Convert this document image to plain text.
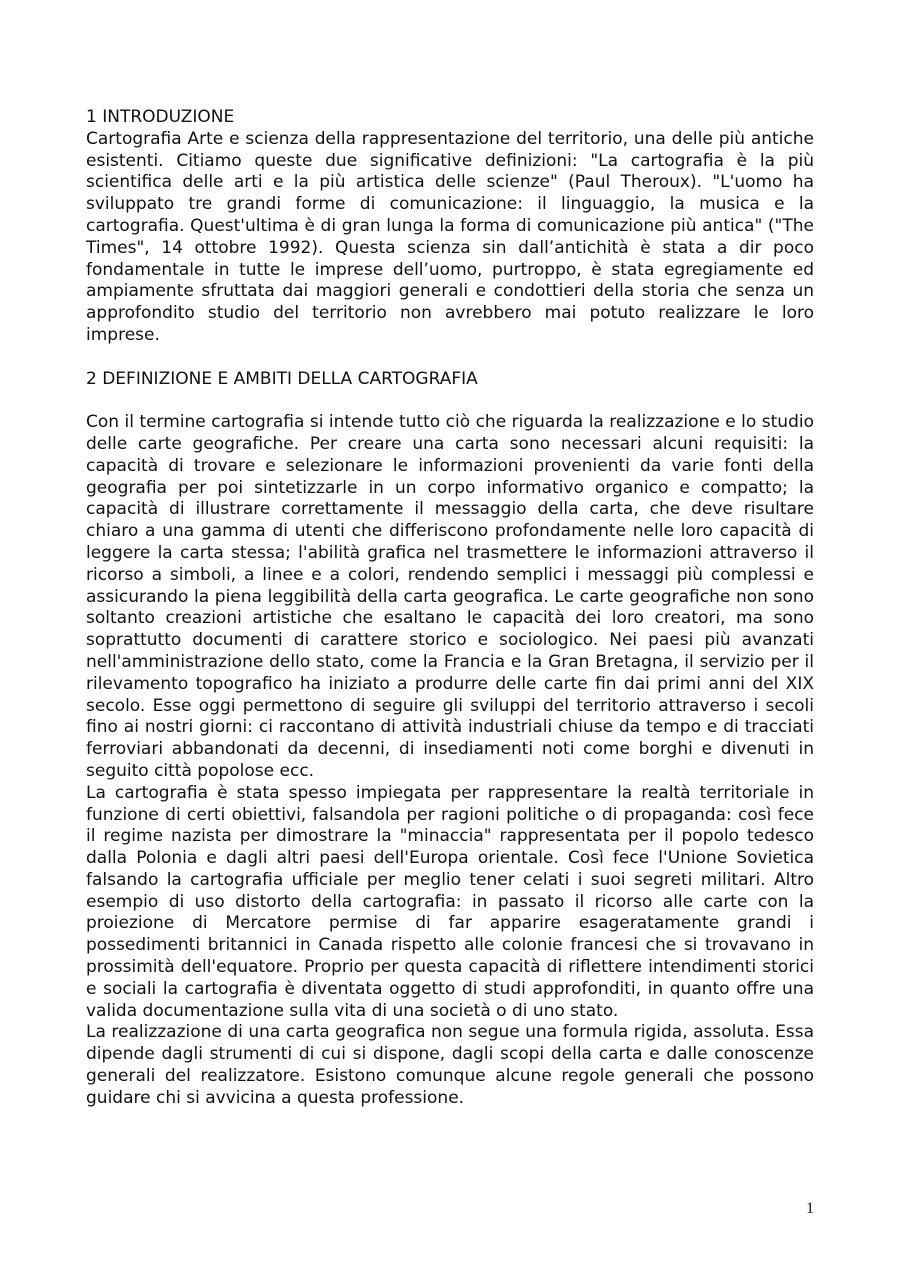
1 INTRODUZIONE

Cartografia Arte e scienza della rappresentazione del territorio, una delle più antiche esistenti. Citiamo queste due significative definizioni: "La cartografia è la più scientifica delle arti e la più artistica delle scienze" (Paul Theroux). "L'uomo ha sviluppato tre grandi forme di comunicazione: il linguaggio, la musica e la cartografia. Quest'ultima è di gran lunga la forma di comunicazione più antica" ("The Times", 14 ottobre 1992). Questa scienza sin dall’antichità è stata a dir poco fondamentale in tutte le imprese dell’uomo, purtroppo, è stata egregiamente ed ampiamente sfruttata dai maggiori generali e condottieri della storia che senza un approfondito studio del territorio non avrebbero mai potuto realizzare le loro imprese.

2 DEFINIZIONE E AMBITI DELLA CARTOGRAFIA

Con il termine cartografia si intende tutto ciò che riguarda la realizzazione e lo studio delle carte geografiche. Per creare una carta sono necessari alcuni requisiti: la capacità di trovare e selezionare le informazioni provenienti da varie fonti della geografia per poi sintetizzarle in un corpo informativo organico e compatto; la capacità di illustrare correttamente il messaggio della carta, che deve risultare chiaro a una gamma di utenti che differiscono profondamente nelle loro capacità di leggere la carta stessa; l'abilità grafica nel trasmettere le informazioni attraverso il ricorso a simboli, a linee e a colori, rendendo semplici i messaggi più complessi e assicurando la piena leggibilità della carta geografica. Le carte geografiche non sono soltanto creazioni artistiche che esaltano le capacità dei loro creatori, ma sono soprattutto documenti di carattere storico e sociologico. Nei paesi più avanzati nell'amministrazione dello stato, come la Francia e la Gran Bretagna, il servizio per il rilevamento topografico ha iniziato a produrre delle carte fin dai primi anni del XIX secolo. Esse oggi permettono di seguire gli sviluppi del territorio attraverso i secoli fino ai nostri giorni: ci raccontano di attività industriali chiuse da tempo e di tracciati ferroviari abbandonati da decenni, di insediamenti noti come borghi e divenuti in seguito città popolose ecc.

La cartografia è stata spesso impiegata per rappresentare la realtà territoriale in funzione di certi obiettivi, falsandola per ragioni politiche o di propaganda: così fece il regime nazista per dimostrare la "minaccia" rappresentata per il popolo tedesco dalla Polonia e dagli altri paesi dell'Europa orientale. Così fece l'Unione Sovietica falsando la cartografia ufficiale per meglio tener celati i suoi segreti militari. Altro esempio di uso distorto della cartografia: in passato il ricorso alle carte con la proiezione di Mercatore permise di far apparire esageratamente grandi i possedimenti britannici in Canada rispetto alle colonie francesi che si trovavano in prossimità dell'equatore. Proprio per questa capacità di riflettere intendimenti storici e sociali la cartografia è diventata oggetto di studi approfonditi, in quanto offre una valida documentazione sulla vita di una società o di uno stato.

La realizzazione di una carta geografica non segue una formula rigida, assoluta. Essa dipende dagli strumenti di cui si dispone, dagli scopi della carta e dalle conoscenze generali del realizzatore. Esistono comunque alcune regole generali che possono guidare chi si avvicina a questa professione.

1
